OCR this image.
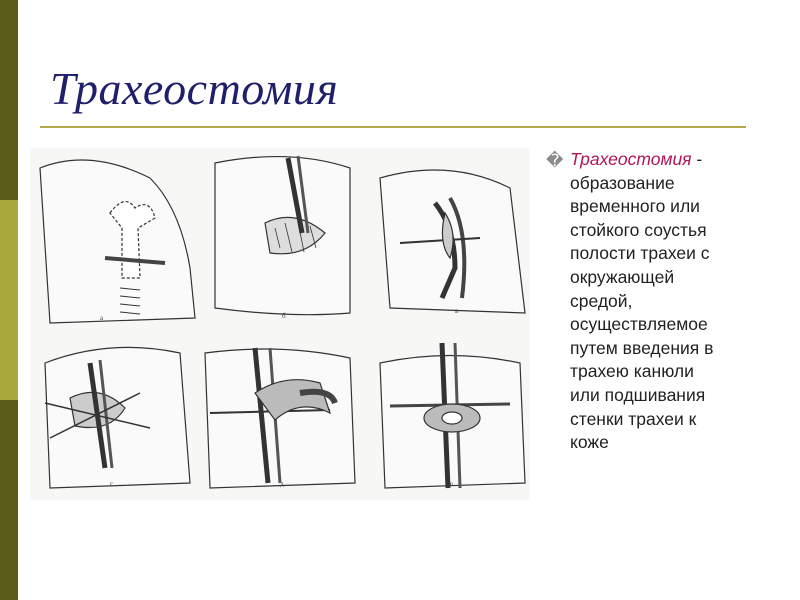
Трахеостомия
а	б
в
г	д	е
� Трахеостомия -
образование
временного или
стойкого соустья
полости трахеи с
окружающей
средой,
осуществляемое
путем введения в
трахею канюли
или подшивания
стенки трахеи к
коже
